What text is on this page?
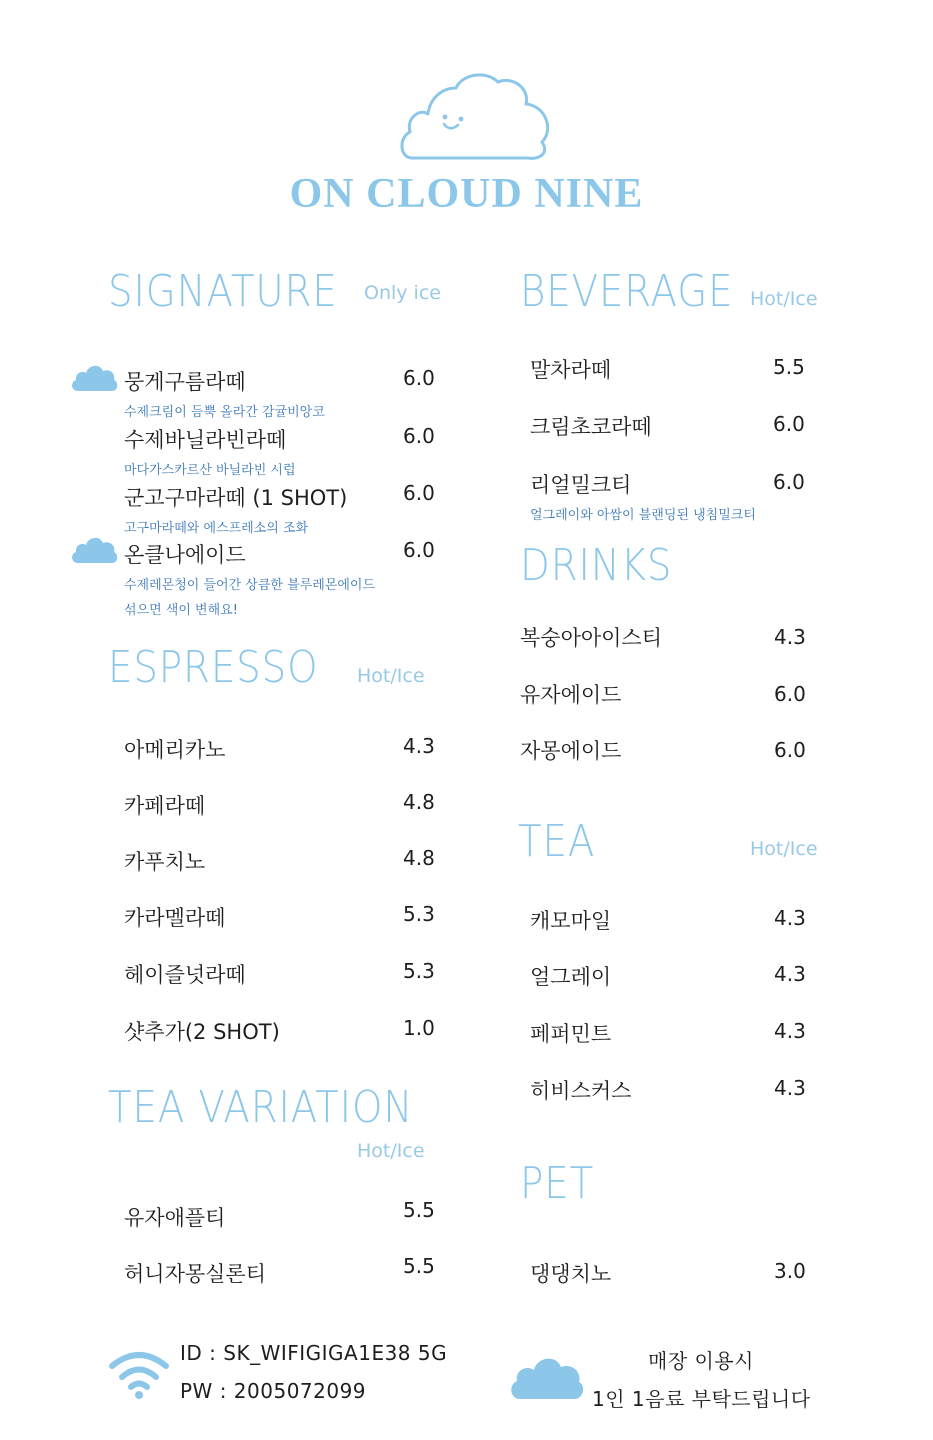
ON CLOUD NINE
SIGNATURE Only ice
뭉게구름라떼	6.0
수제크림이 듬뿍 올라간 감귤비앙코
수제바닐라빈라떼	6.0
마다가스카르산 바닐라빈 시럽
군고구마라떼 (1 SHOT)	6.0
고구마라떼와 에스프레소의 조화
온클나에이드	6.0
수제레몬청이 들어간 상큼한 블루레몬에이드
섞으면 색이 변해요!
ESPRESSO Hot/Ice
아메리카노	4.3
카페라떼	4.8
카푸치노	4.8
카라멜라떼	5.3
헤이즐넛라떼	5.3
샷추가(2 SHOT)	1.0
TEA VARIATION
Hot/Ice
유자애플티	5.5
허니자몽실론티	5.5
BEVERAGE Hot/Ice
말차라떼	5.5
크림초코라떼	6.0
리얼밀크티	6.0
얼그레이와 아쌈이 블랜딩된 냉침밀크티
DRINKS
복숭아아이스티	4.3
유자에이드	6.0
자몽에이드	6.0
TEA	Hot/Ice
캐모마일	4.3
얼그레이	4.3
페퍼민트	4.3
히비스커스	4.3
PET
댕댕치노	3.0
ID : SK_WIFIGIGA1E38 5G
PW : 2005072099
매장 이용시
1인 1음료 부탁드립니다
